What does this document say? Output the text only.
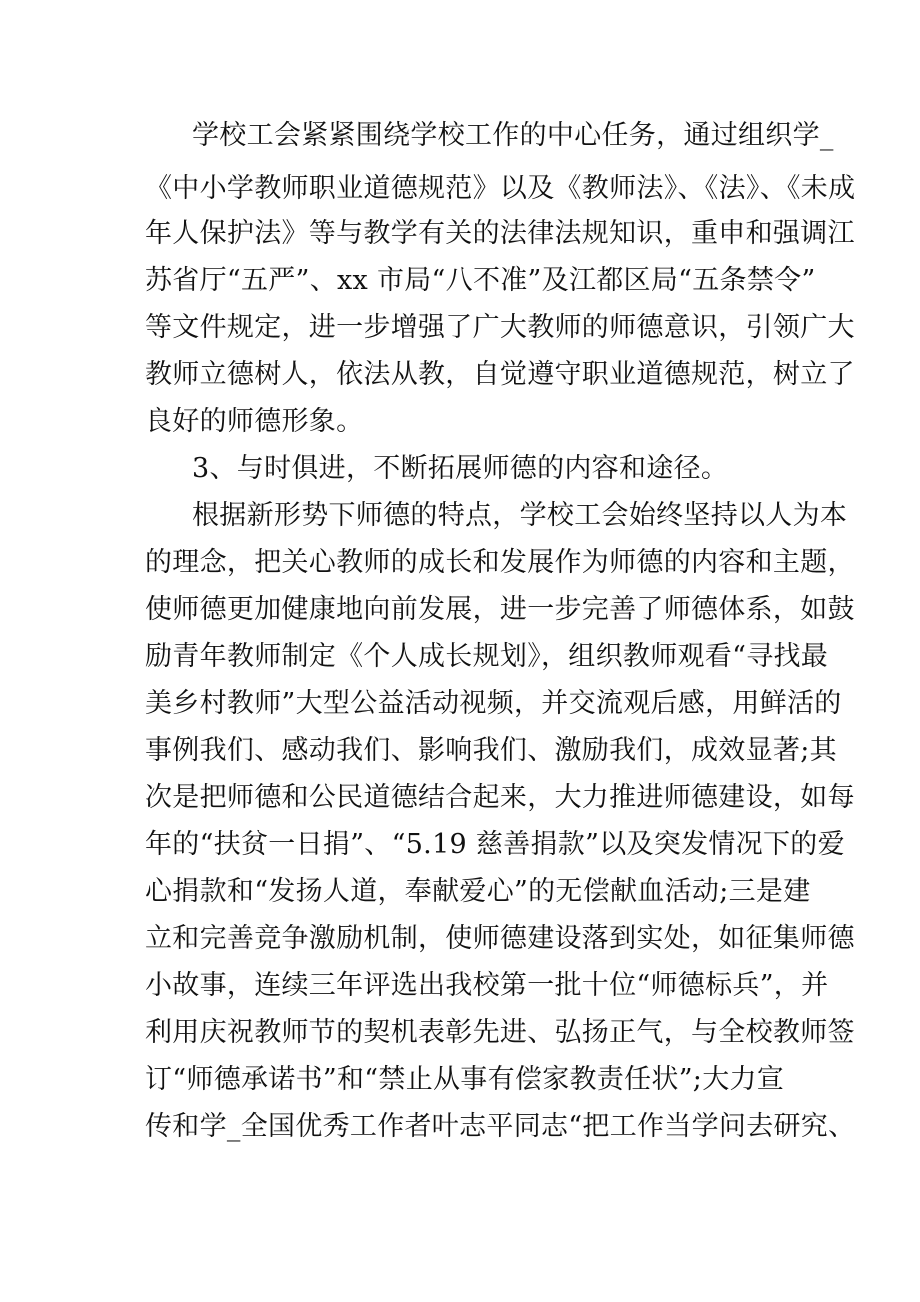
学校工会紧紧围绕学校工作的中心任务，通过组织学_
《中小学教师职业道德规范》以及《教师法》、《法》、《未成
年人保护法》等与教学有关的法律法规知识，重申和强调江
苏省厅“五严”、xx 市局“八不准”及江都区局“五条禁令”
等文件规定，进一步增强了广大教师的师德意识，引领广大
教师立德树人，依法从教，自觉遵守职业道德规范，树立了
良好的师德形象。
3、与时俱进，不断拓展师德的内容和途径。
根据新形势下师德的特点，学校工会始终坚持以人为本
的理念，把关心教师的成长和发展作为师德的内容和主题，
使师德更加健康地向前发展，进一步完善了师德体系，如鼓
励青年教师制定《个人成长规划》，组织教师观看“寻找最
美乡村教师”大型公益活动视频，并交流观后感，用鲜活的
事例我们、感动我们、影响我们、激励我们，成效显著;其
次是把师德和公民道德结合起来，大力推进师德建设，如每
年的“扶贫一日捐”、“5.19 慈善捐款”以及突发情况下的爱
心捐款和“发扬人道，奉献爱心”的无偿献血活动;三是建
立和完善竞争激励机制，使师德建设落到实处，如征集师德
小故事，连续三年评选出我校第一批十位“师德标兵”，并
利用庆祝教师节的契机表彰先进、弘扬正气，与全校教师签
订“师德承诺书”和“禁止从事有偿家教责任状”;大力宣
传和学_全国优秀工作者叶志平同志“把工作当学问去研究、
